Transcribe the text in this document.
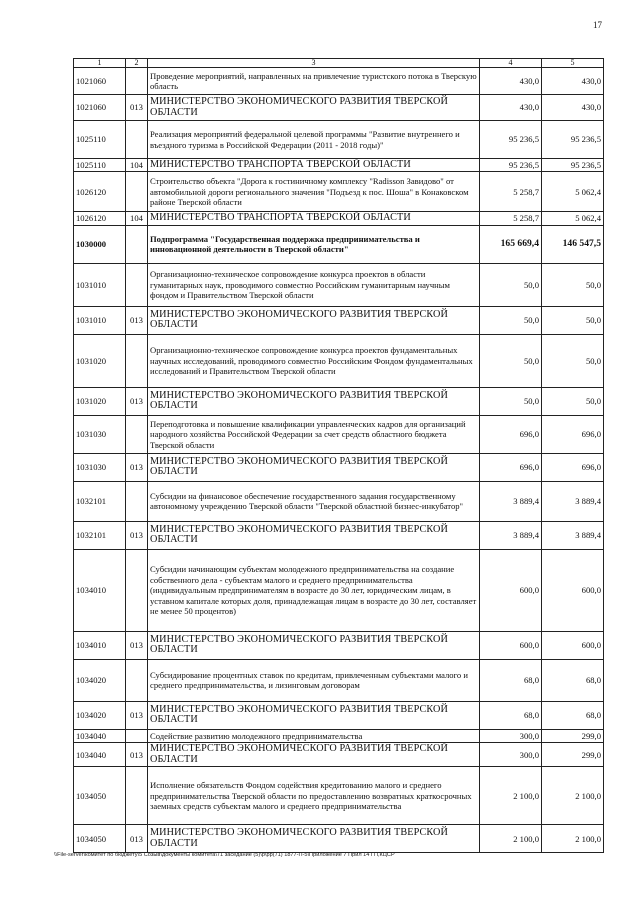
17
1	2	3	4	5
1021060		Проведение мероприятий, направленных на привлечение туристского потока в Тверскую область	430,0	430,0
1021060	013	МИНИСТЕРСТВО ЭКОНОМИЧЕСКОГО РАЗВИТИЯ ТВЕРСКОЙ ОБЛАСТИ	430,0	430,0
1025110		Реализация мероприятий федеральной целевой программы "Развитие внутреннего и въездного туризма в Российской Федерации (2011 - 2018 годы)"	95 236,5	95 236,5
1025110	104	МИНИСТЕРСТВО ТРАНСПОРТА ТВЕРСКОЙ ОБЛАСТИ	95 236,5	95 236,5
1026120		Строительство объекта "Дорога к гостиничному комплексу "Radisson Завидово" от автомобильной дороги регионального значения "Подъезд к пос. Шоша" в Конаковском районе Тверской области	5 258,7	5 062,4
1026120	104	МИНИСТЕРСТВО ТРАНСПОРТА ТВЕРСКОЙ ОБЛАСТИ	5 258,7	5 062,4
1030000		Подпрограмма "Государственная поддержка предпринимательства и инновационной деятельности в Тверской области"	165 669,4	146 547,5
1031010		Организационно-техническое сопровождение конкурса проектов в области гуманитарных наук, проводимого совместно Российским гуманитарным научным фондом и Правительством Тверской области	50,0	50,0
1031010	013	МИНИСТЕРСТВО ЭКОНОМИЧЕСКОГО РАЗВИТИЯ ТВЕРСКОЙ ОБЛАСТИ	50,0	50,0
1031020		Организационно-техническое сопровождение конкурса проектов фундаментальных научных исследований, проводимого совместно Российским Фондом фундаментальных исследований и Правительством Тверской области	50,0	50,0
1031020	013	МИНИСТЕРСТВО ЭКОНОМИЧЕСКОГО РАЗВИТИЯ ТВЕРСКОЙ ОБЛАСТИ	50,0	50,0
1031030		Переподготовка и повышение квалификации управленческих кадров для организаций народного хозяйства Российской Федерации за счет средств областного бюджета Тверской области	696,0	696,0
1031030	013	МИНИСТЕРСТВО ЭКОНОМИЧЕСКОГО РАЗВИТИЯ ТВЕРСКОЙ ОБЛАСТИ	696,0	696,0
1032101		Субсидии на финансовое обеспечение государственного задания государственному автономному учреждению Тверской области "Тверской областной бизнес-инкубатор"	3 889,4	3 889,4
1032101	013	МИНИСТЕРСТВО ЭКОНОМИЧЕСКОГО РАЗВИТИЯ ТВЕРСКОЙ ОБЛАСТИ	3 889,4	3 889,4
1034010		Субсидии начинающим субъектам молодежного предпринимательства на создание собственного дела - субъектам малого и среднего предпринимательства (индивидуальным предпринимателям в возрасте до 30 лет, юридическим лицам, в уставном капитале которых доля, принадлежащая лицам в возрасте до 30 лет, составляет не менее 50 процентов)	600,0	600,0
1034010	013	МИНИСТЕРСТВО ЭКОНОМИЧЕСКОГО РАЗВИТИЯ ТВЕРСКОЙ ОБЛАСТИ	600,0	600,0
1034020		Субсидирование процентных ставок по кредитам, привлеченным субъектами малого и среднего предпринимательства, и лизинговым договорам	68,0	68,0
1034020	013	МИНИСТЕРСТВО ЭКОНОМИЧЕСКОГО РАЗВИТИЯ ТВЕРСКОЙ ОБЛАСТИ	68,0	68,0
1034040		Содействие развитию молодежного предпринимательства	300,0	299,0
1034040	013	МИНИСТЕРСТВО ЭКОНОМИЧЕСКОГО РАЗВИТИЯ ТВЕРСКОЙ ОБЛАСТИ	300,0	299,0
1034050		Исполнение обязательств Фондом содействия кредитованию малого и среднего предпринимательства Тверской области по предоставлению возвратных краткосрочных заемных средств субъектам малого и среднего предпринимательства	2 100,0	2 100,0
1034050	013	МИНИСТЕРСТВО ЭКОНОМИЧЕСКОГО РАЗВИТИЯ ТВЕРСКОЙ ОБЛАСТИ	2 100,0	2 100,0
\\File-server\комитет по бюджету\5 Созыв\документы комитета\71 заседание (5)\р\рр(71) 1877-П-5\Приложение 7 Прил 14 ГП,КЦСР
